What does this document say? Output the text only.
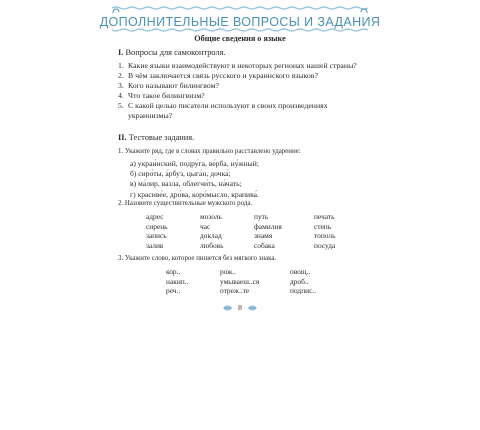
ДОПОЛНИТЕЛЬНЫЕ ВОПРОСЫ И ЗАДАНИЯ
Общие сведения о языке
I. Вопросы для самоконтроля.
1. Какие языки взаимодействуют в некоторых регионах нашей страны?
2. В чём заключается связь русского и украинского языков?
3. Кого называют билингвом?
4. Что такое билингвизм?
5. С какой целью писатели используют в своих произведениях украинизмы?
II. Тестовые задания.
1. Укажите ряд, где в словах правильно расставлено ударение:
а) украи́нский, подру́га, ве́рба, ну́жный;
б) сиро́ты, а́рбуз, цыга́н, дочка́;
в) ма́лир, вазла, облегчи́ть, на́чать;
г) красиве́е, дро́ва, коро́мысло, крапива́.
2. Назовите существительные мужского рода.
адрес	мозоль	путь	печать
сирень	час	фамилия	степь
запись	доклад	знамя	тополь
залив	любовь	собака	посуда
3. Укажите слово, которое пишется без мягкого знака.
кор..	рож..	овощ..
накип..	умываеш..ся	дроб..
реч..	отреж..те	подпис..
8
